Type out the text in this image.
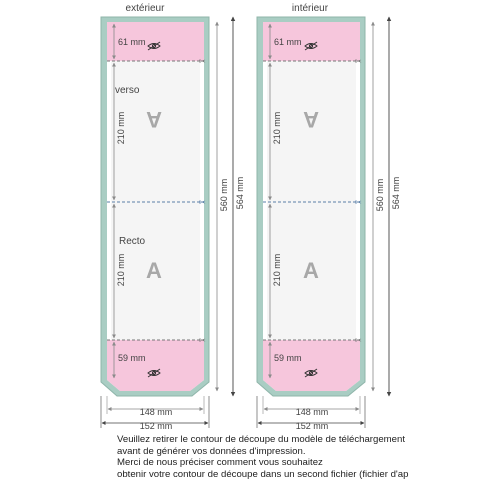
extérieur
✂
✂
✂
61 mm
59 mm
verso
Recto
A
A
210 mm
210 mm
560 mm 564 mm
148 mm
152 mm
intérieur
✂
✂
✂
61 mm
59 mm
A
A
210 mm
210 mm
560 mm 564 mm
148 mm
152 mm
Veuillez retirer le contour de découpe du modèle de téléchargement
avant de générer vos données d'impression.
Merci de nous préciser comment vous souhaitez
obtenir votre contour de découpe dans un second fichier (fichier d'ap
